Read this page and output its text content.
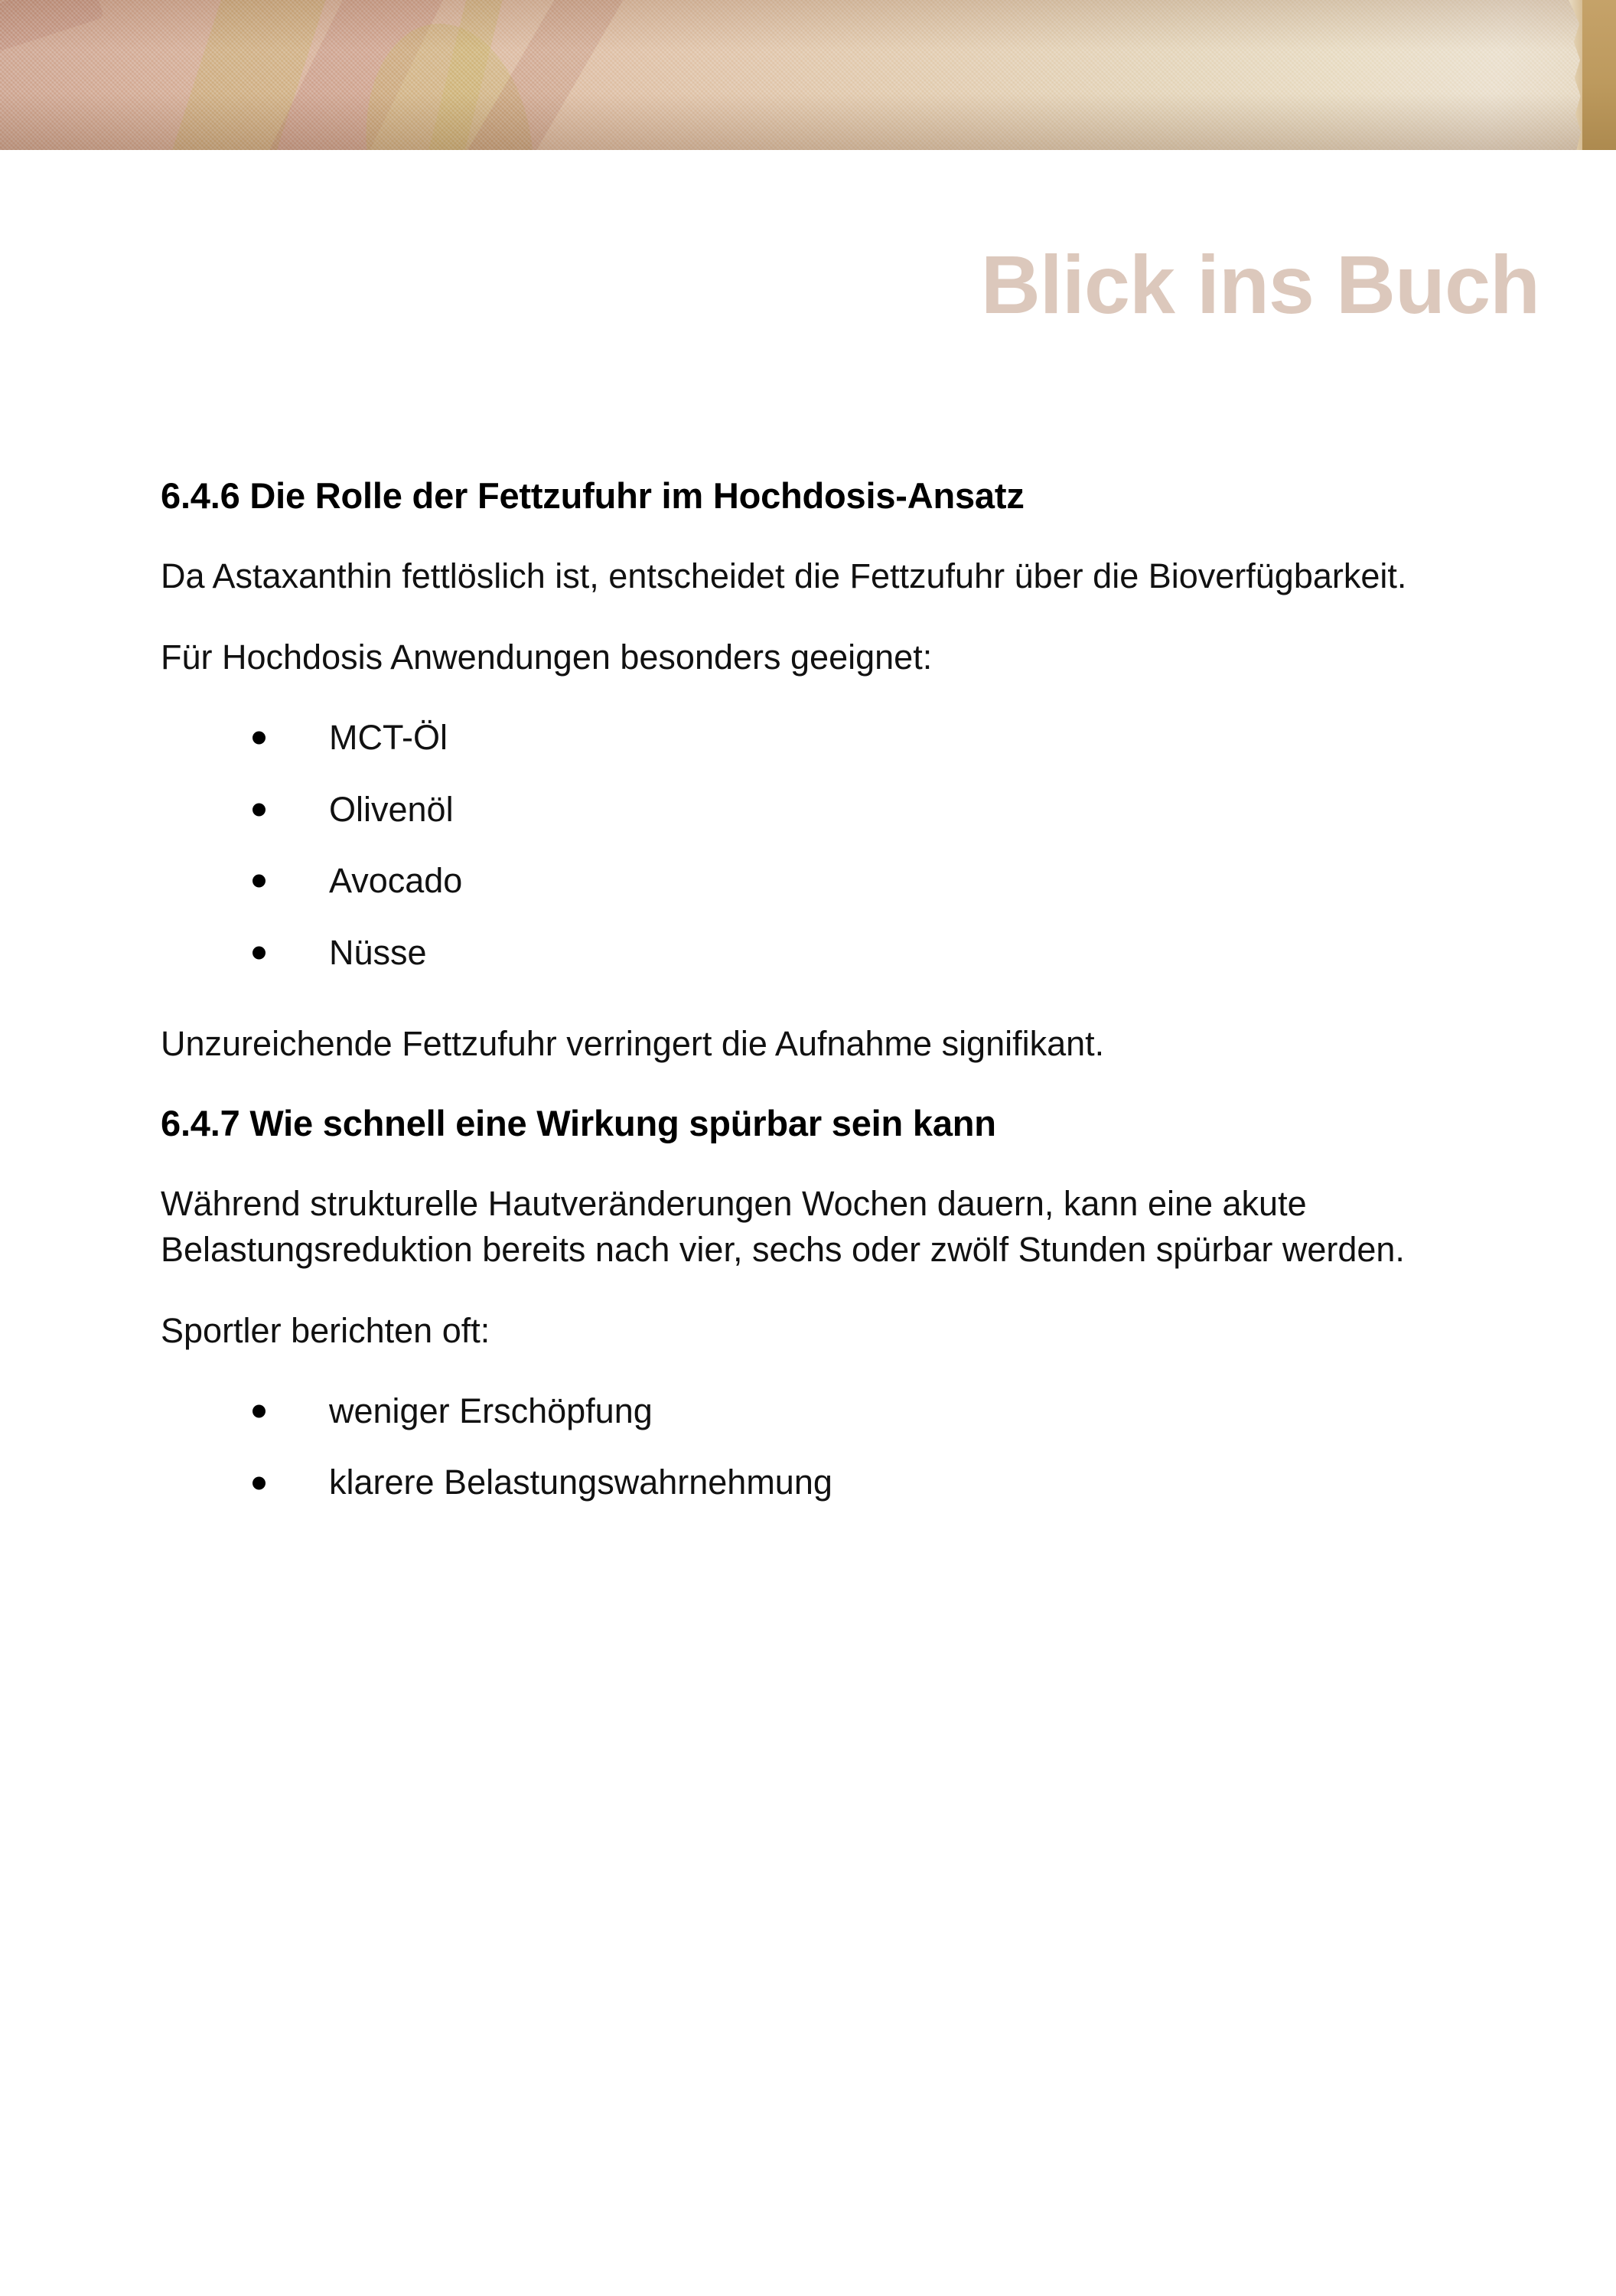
Blick ins Buch
6.4.6 Die Rolle der Fettzufuhr im Hochdosis-Ansatz

Da Astaxanthin fettlöslich ist, entscheidet die Fettzufuhr über die Bioverfügbarkeit.

Für Hochdosis Anwendungen besonders geeignet:

MCT-Öl
Olivenöl
Avocado
Nüsse

Unzureichende Fettzufuhr verringert die Aufnahme signifikant.

6.4.7 Wie schnell eine Wirkung spürbar sein kann

Während strukturelle Hautveränderungen Wochen dauern, kann eine akute Belastungsreduktion bereits nach vier, sechs oder zwölf Stunden spürbar werden.

Sportler berichten oft:

weniger Erschöpfung
klarere Belastungswahrnehmung
